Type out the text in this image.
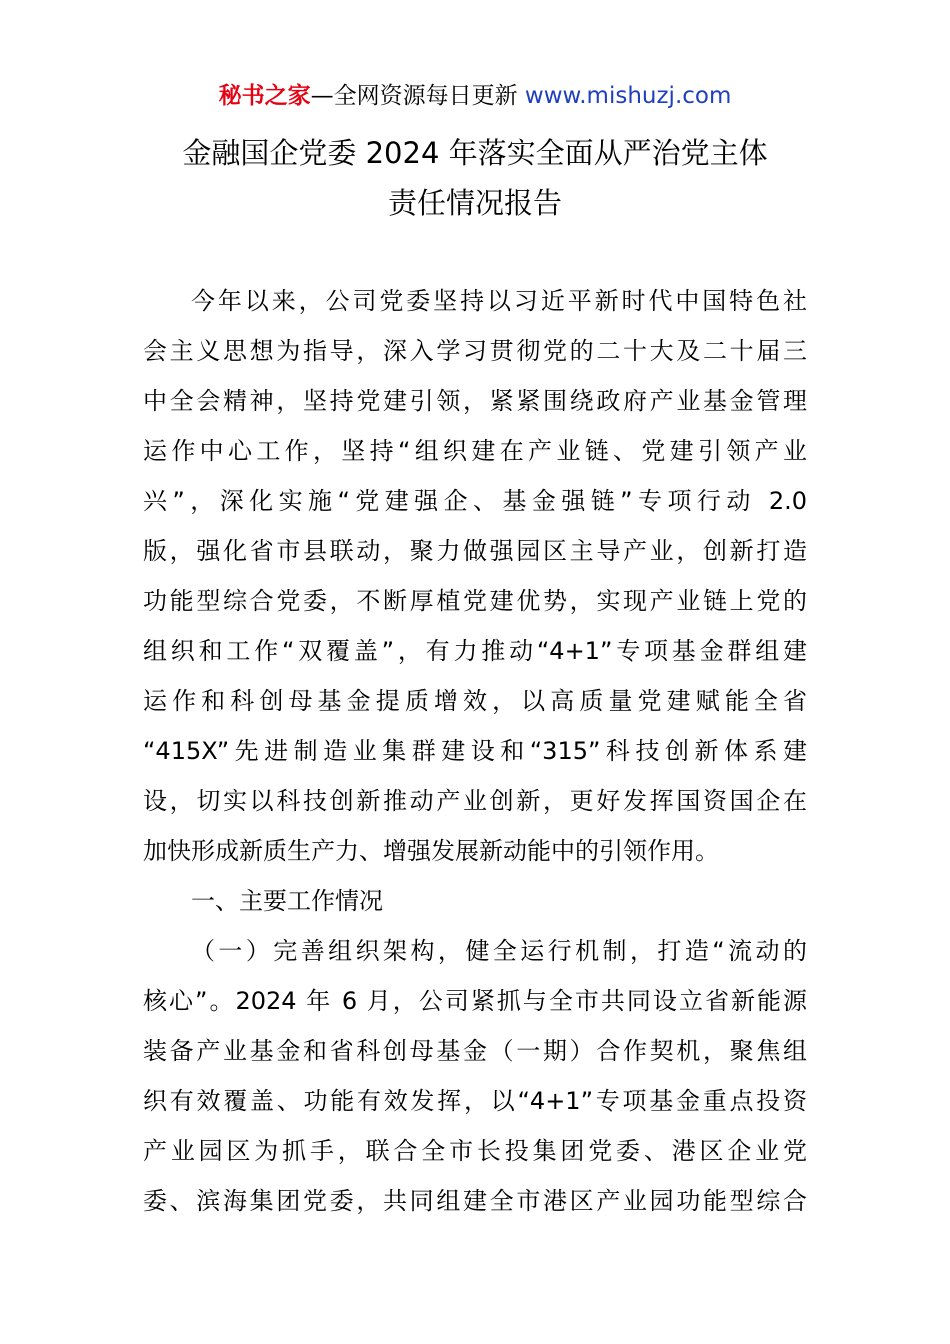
秘书之家—全网资源每日更新 www.mishuzj.com
金融国企党委 2024 年落实全面从严治党主体
责任情况报告
今年以来，公司党委坚持以习近平新时代中国特色社
会主义思想为指导，深入学习贯彻党的二十大及二十届三
中全会精神，坚持党建引领，紧紧围绕政府产业基金管理
运作中心工作，坚持“组织建在产业链、党建引领产业
兴”，深化实施“党建强企、基金强链”专项行动 2.0
版，强化省市县联动，聚力做强园区主导产业，创新打造
功能型综合党委，不断厚植党建优势，实现产业链上党的
组织和工作“双覆盖”，有力推动“4+1”专项基金群组建
运作和科创母基金提质增效，以高质量党建赋能全省
“415X”先进制造业集群建设和“315”科技创新体系建
设，切实以科技创新推动产业创新，更好发挥国资国企在
加快形成新质生产力、增强发展新动能中的引领作用。
一、主要工作情况
（一）完善组织架构，健全运行机制，打造“流动的
核心”。2024 年 6 月，公司紧抓与全市共同设立省新能源
装备产业基金和省科创母基金（一期）合作契机，聚焦组
织有效覆盖、功能有效发挥，以“4+1”专项基金重点投资
产业园区为抓手，联合全市长投集团党委、港区企业党
委、滨海集团党委，共同组建全市港区产业园功能型综合
